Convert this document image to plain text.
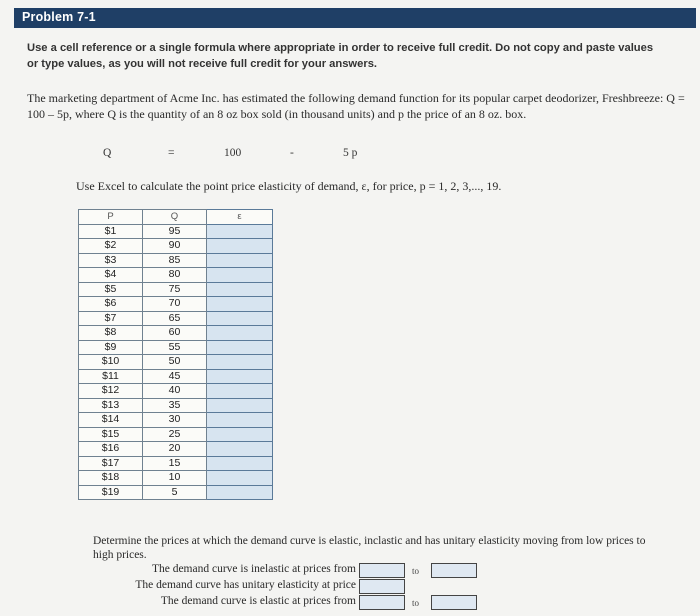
Problem 7-1
Use a cell reference or a single formula where appropriate in order to receive full credit. Do not copy and paste values or type values, as you will not receive full credit for your answers.
The marketing department of Acme Inc. has estimated the following demand function for its popular carpet deodorizer, Freshbreeze: Q = 100 – 5p, where Q is the quantity of an 8 oz box sold (in thousand units) and p the price of an 8 oz. box.
Q	=	100	-	5 p
Use Excel to calculate the point price elasticity of demand, ε, for price, p = 1, 2, 3,..., 19.
P	Q	ε
$1	95	
$2	90	
$3	85	
$4	80	
$5	75	
$6	70	
$7	65	
$8	60	
$9	55	
$10	50	
$11	45	
$12	40	
$13	35	
$14	30	
$15	25	
$16	20	
$17	15	
$18	10	
$19	5	
Determine the prices at which the demand curve is elastic, inclastic and has unitary elasticity moving from low prices to high prices.
The demand curve is inelastic at prices from	to
The demand curve has unitary elasticity at price
The demand curve is elastic at prices from	to
